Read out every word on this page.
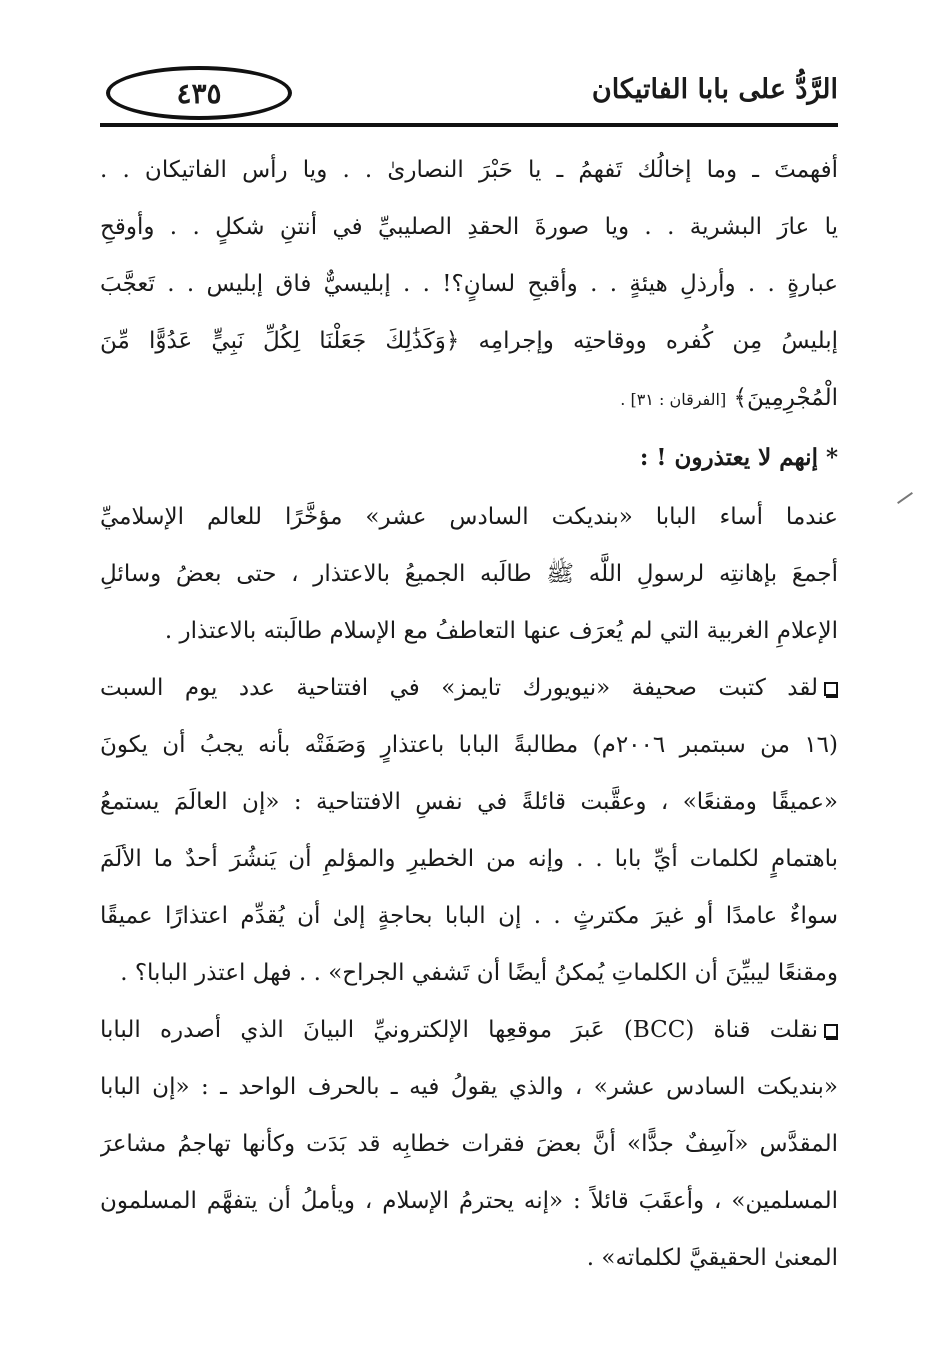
٤٣٥	الرَّدُّ على بابا الفاتيكان
أفهمتَ ـ وما إخالُك تَفهمُ ـ يا حَبْرَ النصارىٰ . . ويا رأس الفاتيكان . .
يا عارَ البشرية . . ويا صورةَ الحقدِ الصليبيِّ في أنتنِ شكلٍ . . وأوقحِ
عبارةٍ . . وأرذلِ هيئةٍ . . وأقبحِ لسانٍ؟! . . إبليسيٌّ فاق إبليس . . تَعجَّبَ
إبليسُ مِن كُفره ووقاحتِه وإجرامِه ﴿وَكَذَٰلِكَ جَعَلْنَا لِكُلِّ نَبِيٍّ عَدُوًّا مِّنَ
الْمُجْرِمِينَ﴾ [الفرقان : ٣١] .
* إنهم لا يعتذرون ! :
عندما أساء البابا «بنديكت السادس عشر» مؤخَّرًا للعالم الإسلاميِّ
أجمعَ بإهانتِه لرسولِ اللَّه ﷺ طالَبه الجميعُ بالاعتذار ، حتى بعضُ وسائلِ
الإعلامِ الغربية التي لم يُعرَف عنها التعاطفُ مع الإسلام طالَبته بالاعتذار .
لقد كتبت صحيفة «نيويورك تايمز» في افتتاحية عدد يوم السبت
(١٦ من سبتمبر ٢٠٠٦م) مطالبةً البابا باعتذارٍ وَصَفَتْه بأنه يجبُ أن يكونَ
«عميقًا ومقنعًا» ، وعقَّبت قائلةً في نفسِ الافتتاحية : «إن العالَمَ يستمعُ
باهتمامٍ لكلمات أيِّ بابا . . وإنه من الخطيرِ والمؤلمِ أن يَنشُرَ أحدٌ ما الألَمَ
سواءٌ عامدًا أو غيرَ مكترثٍ . . إن البابا بحاجةٍ إلىٰ أن يُقدِّم اعتذارًا عميقًا
ومقنعًا ليبيِّنَ أن الكلماتِ يُمكنُ أيضًا أن تَشفي الجراح» . . فهل اعتذر البابا؟ .
نقلت قناة (BCC) عَبرَ موقعِها الإلكترونيِّ البيانَ الذي أصدره البابا
«بنديكت السادس عشر» ، والذي يقولُ فيه ـ بالحرف الواحد ـ : «إن البابا
المقدَّس «آسِفٌ جدًّا» أنَّ بعضَ فقرات خطابِه قد بَدَت وكأنها تهاجمُ مشاعرَ
المسلمين» ، وأعقَبَ قائلاً : «إنه يحترمُ الإسلام ، ويأملُ أن يتفهَّم المسلمون
المعنىٰ الحقيقيَّ لكلماته» .
